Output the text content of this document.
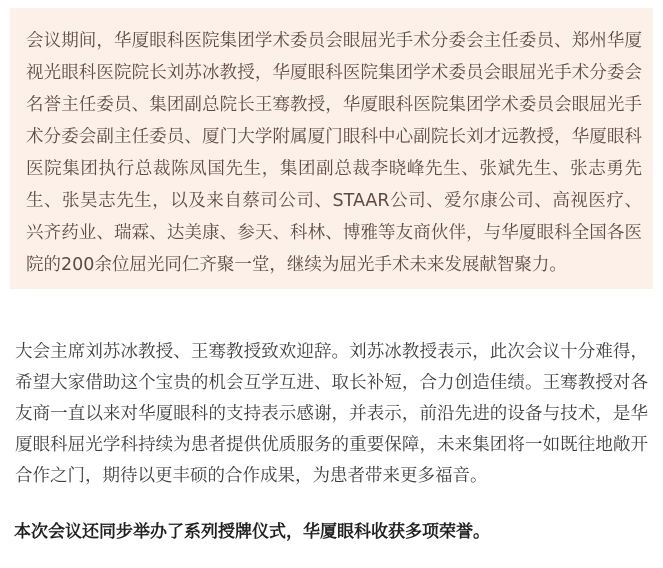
会议期间，华厦眼科医院集团学术委员会眼屈光手术分委会主任委员、郑州华厦视光眼科医院院长刘苏冰教授，华厦眼科医院集团学术委员会眼屈光手术分委会名誉主任委员、集团副总院长王骞教授，华厦眼科医院集团学术委员会眼屈光手术分委会副主任委员、厦门大学附属厦门眼科中心副院长刘才远教授，华厦眼科医院集团执行总裁陈凤国先生，集团副总裁李晓峰先生、张斌先生、张志勇先生、张昊志先生，以及来自蔡司公司、STAAR公司、爱尔康公司、高视医疗、兴齐药业、瑞霖、达美康、参天、科林、博雅等友商伙伴，与华厦眼科全国各医院的200余位屈光同仁齐聚一堂，继续为屈光手术未来发展献智聚力。

大会主席刘苏冰教授、王骞教授致欢迎辞。刘苏冰教授表示，此次会议十分难得，希望大家借助这个宝贵的机会互学互进、取长补短，合力创造佳绩。王骞教授对各友商一直以来对华厦眼科的支持表示感谢，并表示，前沿先进的设备与技术，是华厦眼科屈光学科持续为患者提供优质服务的重要保障，未来集团将一如既往地敞开合作之门，期待以更丰硕的合作成果，为患者带来更多福音。

本次会议还同步举办了系列授牌仪式，华厦眼科收获多项荣誉。
